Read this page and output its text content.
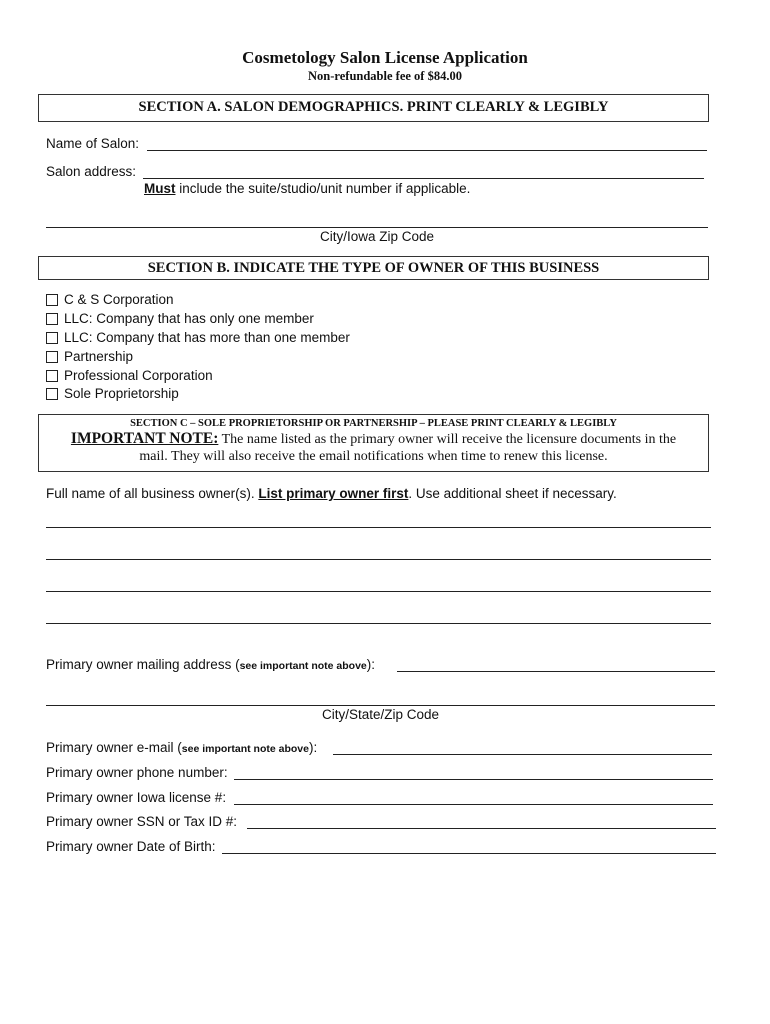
Cosmetology Salon License Application
Non-refundable fee of $84.00
SECTION A. SALON DEMOGRAPHICS. PRINT CLEARLY & LEGIBLY
Name of Salon:
Salon address:
Must include the suite/studio/unit number if applicable.
City/Iowa Zip Code
SECTION B. INDICATE THE TYPE OF OWNER OF THIS BUSINESS
C & S Corporation
LLC: Company that has only one member
LLC: Company that has more than one member
Partnership
Professional Corporation
Sole Proprietorship
SECTION C – SOLE PROPRIETORSHIP OR PARTNERSHIP – PLEASE PRINT CLEARLY & LEGIBLY
IMPORTANT NOTE: The name listed as the primary owner will receive the licensure documents in the
mail. They will also receive the email notifications when time to renew this license.
Full name of all business owner(s). List primary owner first. Use additional sheet if necessary.
Primary owner mailing address (see important note above):
City/State/Zip Code
Primary owner e-mail (see important note above):
Primary owner phone number:
Primary owner Iowa license #:
Primary owner SSN or Tax ID #:
Primary owner Date of Birth:
